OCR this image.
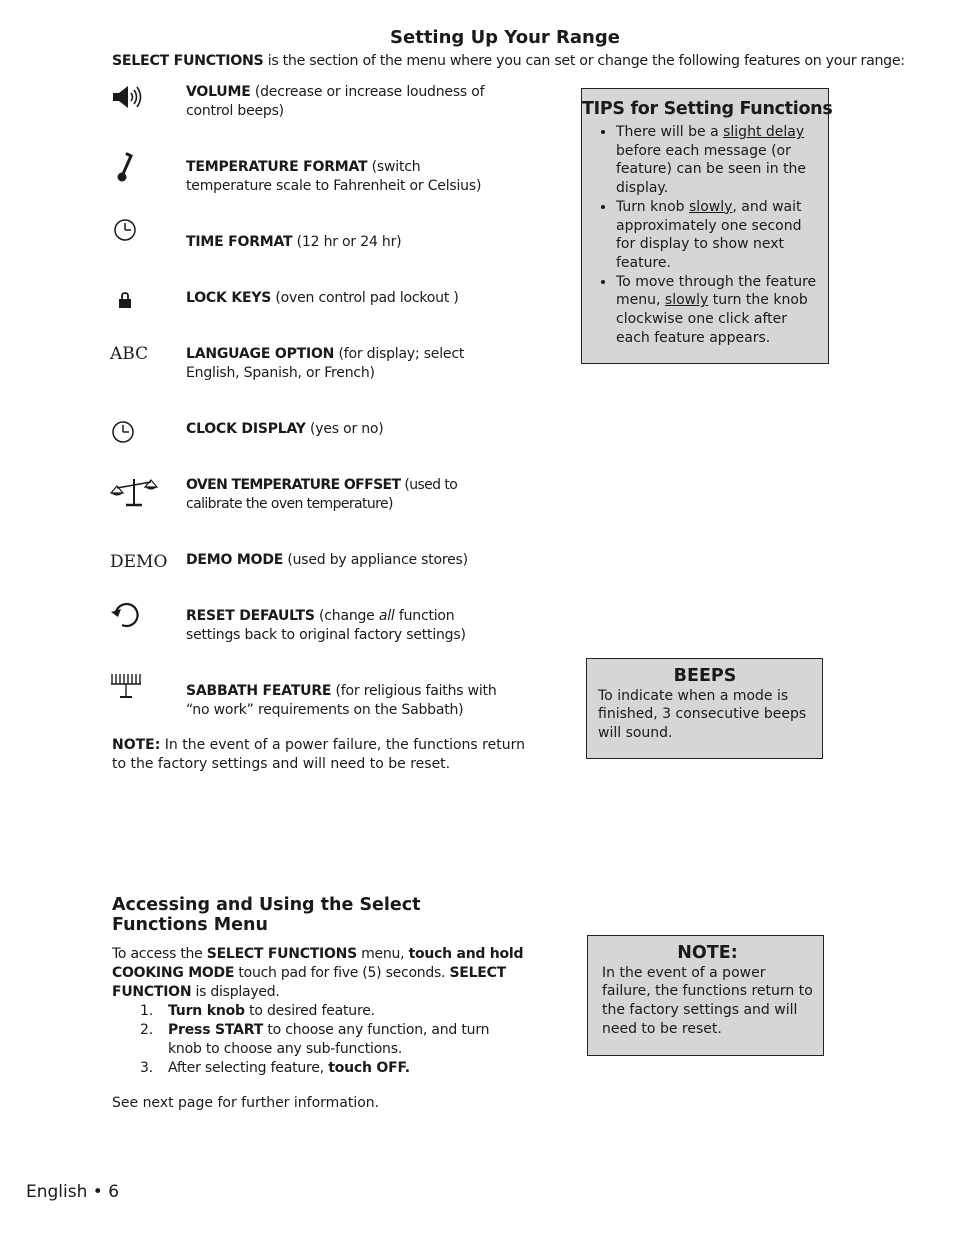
Setting Up Your Range
SELECT FUNCTIONS is the section of the menu where you can set or change the following features on your range:
VOLUME (decrease or increase loudness of control beeps)
TEMPERATURE FORMAT (switch temperature scale to Fahrenheit or Celsius)
TIME FORMAT (12 hr or 24 hr)
LOCK KEYS (oven control pad lockout )
ABC	LANGUAGE OPTION (for display; select English, Spanish, or French)
CLOCK DISPLAY (yes or no)
OVEN TEMPERATURE OFFSET (used to calibrate the oven temperature)
DEMO DEMO MODE (used by appliance stores)
RESET DEFAULTS (change all function settings back to original factory settings)
SABBATH FEATURE (for religious faiths with “no work” requirements on the Sabbath)
NOTE: In the event of a power failure, the functions return to the factory settings and will need to be reset.
TIPS for Setting Functions
• There will be a slight delay before each message (or feature) can be seen in the display.
• Turn knob slowly, and wait approximately one second for display to show next feature.
• To move through the feature menu, slowly turn the knob clockwise one click after each feature appears.
BEEPS
To indicate when a mode is finished, 3 consecutive beeps will sound.
NOTE:
In the event of a power failure, the functions return to the factory settings and will need to be reset.
Accessing and Using the Select Functions Menu
To access the SELECT FUNCTIONS menu, touch and hold COOKING MODE touch pad for five (5) seconds. SELECT FUNCTION is displayed.
1.	Turn knob to desired feature.
2.	Press START to choose any function, and turn knob to choose any sub-functions.
3.	After selecting feature, touch OFF.
See next page for further information.
English • 6
